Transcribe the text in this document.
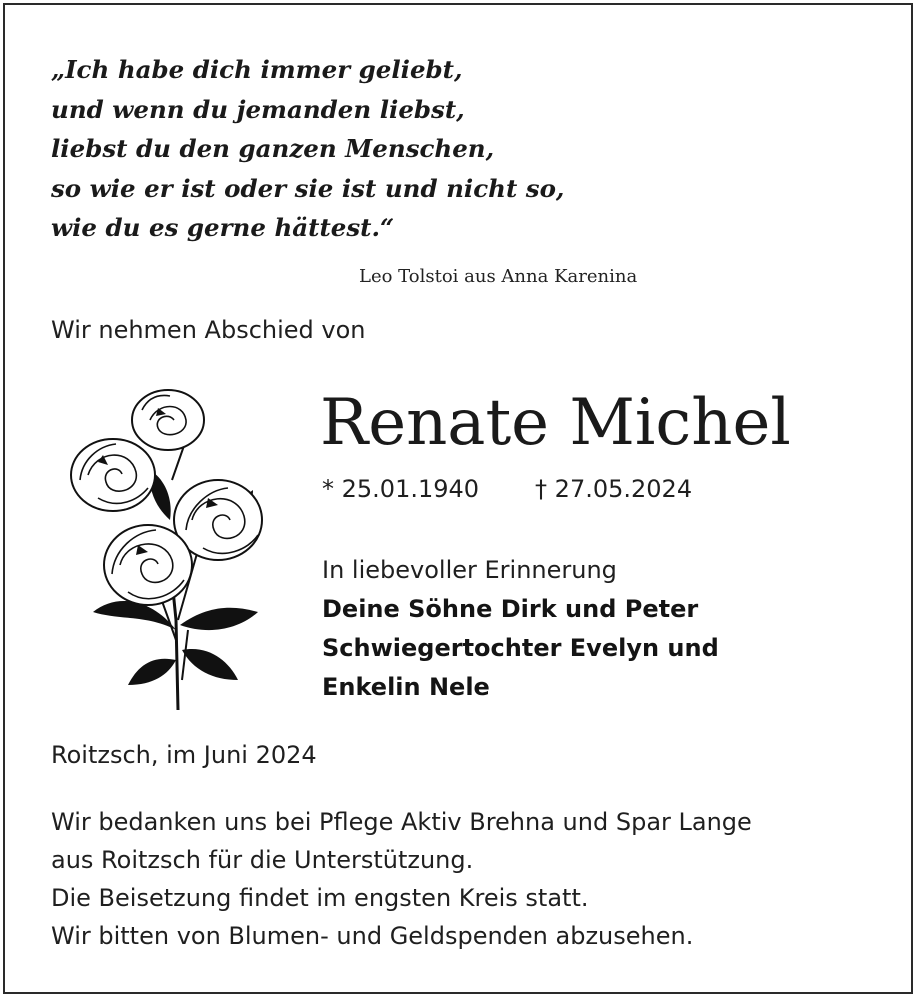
„Ich habe dich immer geliebt,
und wenn du jemanden liebst,
liebst du den ganzen Menschen,
so wie er ist oder sie ist und nicht so,
wie du es gerne hättest.“
Leo Tolstoi aus Anna Karenina
Wir nehmen Abschied von
Renate Michel
* 25.01.1940 † 27.05.2024
In liebevoller Erinnerung
Deine Söhne Dirk und Peter
Schwiegertochter Evelyn und
Enkelin Nele
Roitzsch, im Juni 2024
Wir bedanken uns bei Pflege Aktiv Brehna und Spar Lange
aus Roitzsch für die Unterstützung.
Die Beisetzung findet im engsten Kreis statt.
Wir bitten von Blumen- und Geldspenden abzusehen.
